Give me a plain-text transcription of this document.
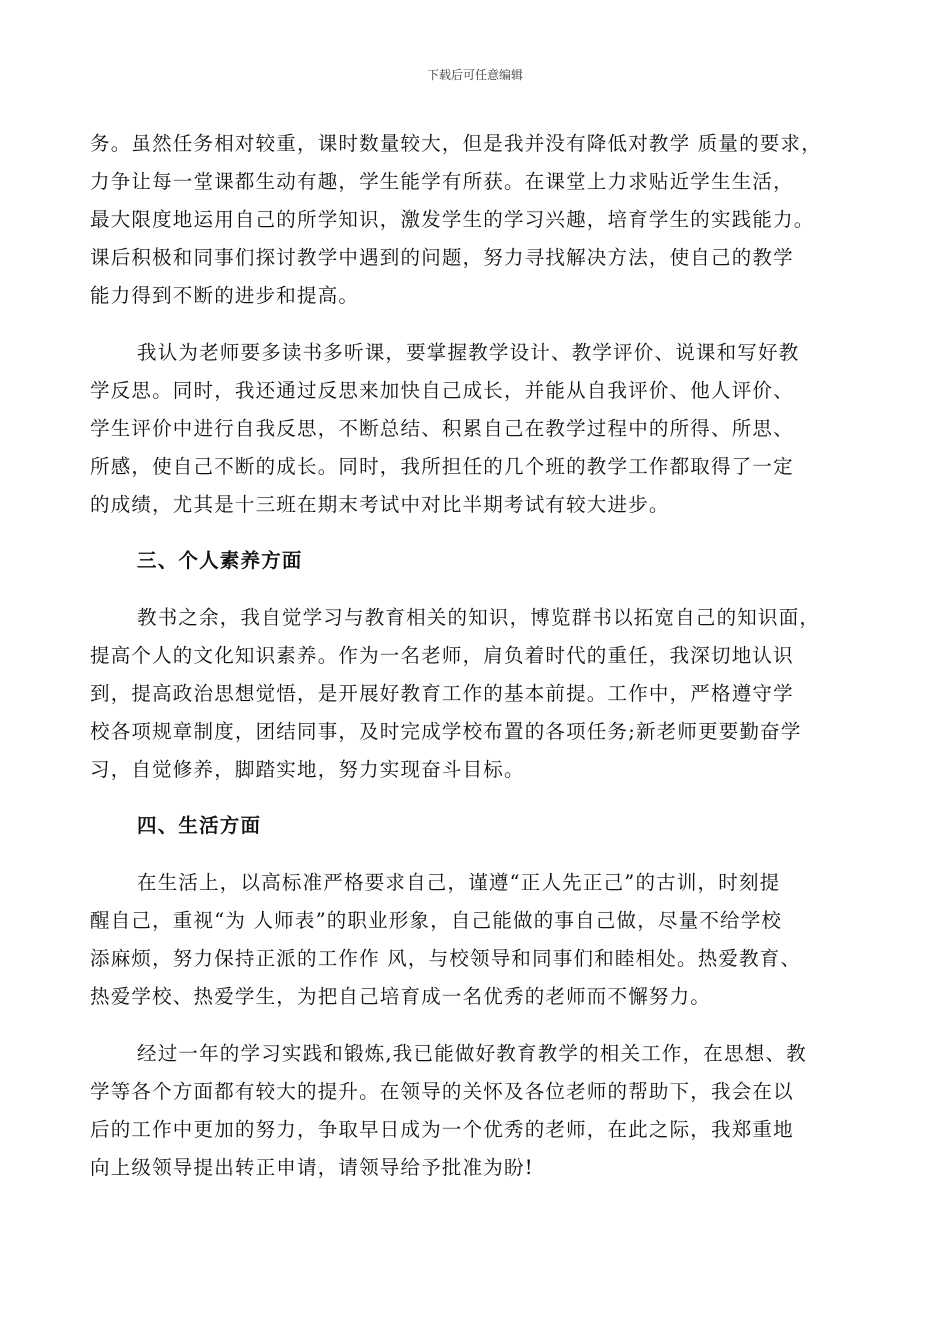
下载后可任意编辑
务。虽然任务相对较重，课时数量较大，但是我并没有降低对教学 质量的要求，
力争让每一堂课都生动有趣，学生能学有所获。在课堂上力求贴近学生生活，
最大限度地运用自己的所学知识，激发学生的学习兴趣，培育学生的实践能力。
课后积极和同事们探讨教学中遇到的问题，努力寻找解决方法，使自己的教学
能力得到不断的进步和提高。
我认为老师要多读书多听课，要掌握教学设计、教学评价、说课和写好教
学反思。同时，我还通过反思来加快自己成长，并能从自我评价、他人评价、
学生评价中进行自我反思，不断总结、积累自己在教学过程中的所得、所思、
所感，使自己不断的成长。同时，我所担任的几个班的教学工作都取得了一定
的成绩，尤其是十三班在期末考试中对比半期考试有较大进步。
三、个人素养方面
教书之余，我自觉学习与教育相关的知识，博览群书以拓宽自己的知识面，
提高个人的文化知识素养。作为一名老师，肩负着时代的重任，我深切地认识
到，提高政治思想觉悟，是开展好教育工作的基本前提。工作中，严格遵守学
校各项规章制度，团结同事，及时完成学校布置的各项任务;新老师更要勤奋学
习，自觉修养，脚踏实地，努力实现奋斗目标。
四、生活方面
在生活上，以高标准严格要求自己，谨遵“正人先正己”的古训，时刻提
醒自己，重视“为 人师表”的职业形象，自己能做的事自己做，尽量不给学校
添麻烦，努力保持正派的工作作 风，与校领导和同事们和睦相处。热爱教育、
热爱学校、热爱学生，为把自己培育成一名优秀的老师而不懈努力。
经过一年的学习实践和锻炼,我已能做好教育教学的相关工作，在思想、教
学等各个方面都有较大的提升。在领导的关怀及各位老师的帮助下，我会在以
后的工作中更加的努力，争取早日成为一个优秀的老师，在此之际，我郑重地
向上级领导提出转正申请，请领导给予批准为盼!
